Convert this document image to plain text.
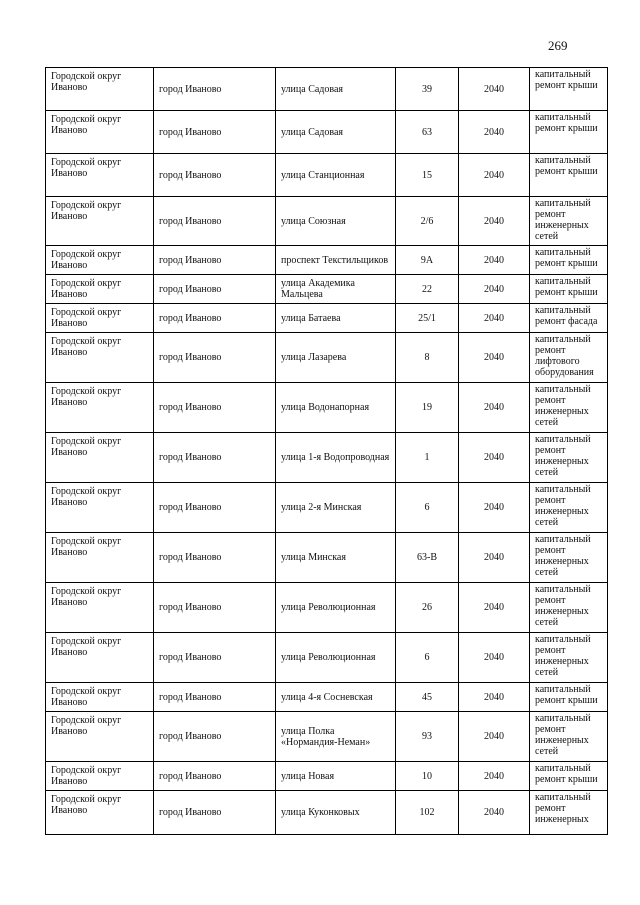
269
Городской округ Иваново	город Иваново	улица Садовая	39	2040	капитальный ремонт крыши
Городской округ Иваново	город Иваново	улица Садовая	63	2040	капитальный ремонт крыши
Городской округ Иваново	город Иваново	улица Станционная	15	2040	капитальный ремонт крыши
Городской округ Иваново	город Иваново	улица Союзная	2/6	2040	капитальный ремонт инженерных сетей
Городской округ Иваново	город Иваново	проспект Текстильщиков	9А	2040	капитальный ремонт крыши
Городской округ Иваново	город Иваново	улица Академика Мальцева	22	2040	капитальный ремонт крыши
Городской округ Иваново	город Иваново	улица Батаева	25/1	2040	капитальный ремонт фасада
Городской округ Иваново	город Иваново	улица Лазарева	8	2040	капитальный ремонт лифтового оборудования
Городской округ Иваново	город Иваново	улица Водонапорная	19	2040	капитальный ремонт инженерных сетей
Городской округ Иваново	город Иваново	улица 1-я Водопроводная	1	2040	капитальный ремонт инженерных сетей
Городской округ Иваново	город Иваново	улица 2-я Минская	6	2040	капитальный ремонт инженерных сетей
Городской округ Иваново	город Иваново	улица Минская	63-В	2040	капитальный ремонт инженерных сетей
Городской округ Иваново	город Иваново	улица Революционная	26	2040	капитальный ремонт инженерных сетей
Городской округ Иваново	город Иваново	улица Революционная	6	2040	капитальный ремонт инженерных сетей
Городской округ Иваново	город Иваново	улица 4-я Сосневская	45	2040	капитальный ремонт крыши
Городской округ Иваново	город Иваново	улица Полка «Нормандия-Неман»	93	2040	капитальный ремонт инженерных сетей
Городской округ Иваново	город Иваново	улица Новая	10	2040	капитальный ремонт крыши
Городской округ Иваново	город Иваново	улица Куконковых	102	2040	капитальный ремонт инженерных
